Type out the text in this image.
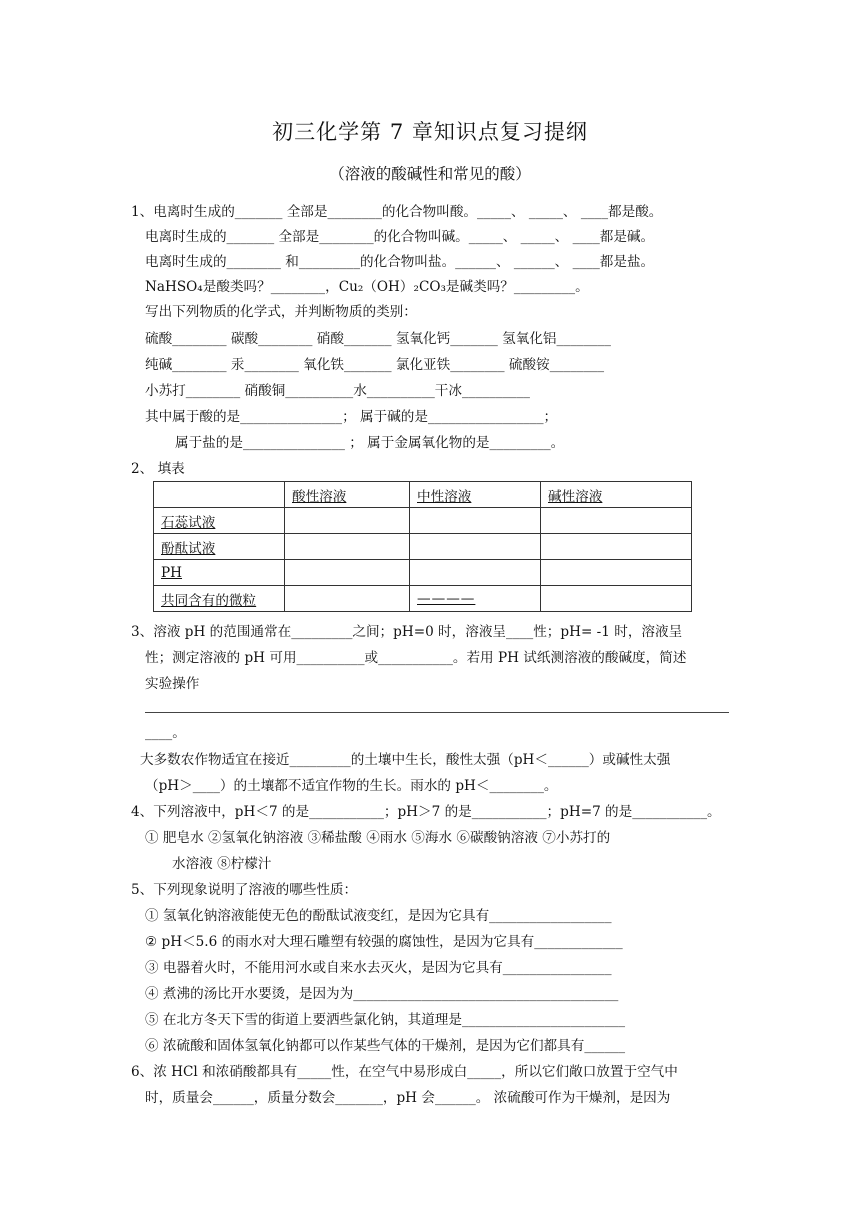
初三化学第 7 章知识点复习提纲
（溶液的酸碱性和常见的酸）
1、电离时生成的_______ 全部是________的化合物叫酸。_____、 _____、 ____都是酸。
电离时生成的_______ 全部是________的化合物叫碱。_____、 _____、 ____都是碱。
电离时生成的________ 和_________的化合物叫盐。______、 ______、 ____都是盐。
NaHSO₄是酸类吗？________，Cu₂（OH）₂CO₃是碱类吗？_________。
写出下列物质的化学式，并判断物质的类别：
硫酸________ 碳酸________ 硝酸_______ 氢氧化钙_______ 氢氧化铝________
纯碱________ 汞________ 氧化铁_______ 氯化亚铁________ 硫酸铵________
小苏打________ 硝酸铜__________水__________干冰__________
其中属于酸的是_______________； 属于碱的是_________________；
属于盐的是_______________ ； 属于金属氧化物的是_________。
2、 填表
	酸性溶液	中性溶液	碱性溶液
石蕊试液			
酚酞试液			
PH			
共同含有的微粒		————	
3、溶液 pH 的范围通常在_________之间；pH=0 时，溶液呈____性；pH= -1 时，溶液呈
性；测定溶液的 pH 可用__________或___________。若用 PH 试纸测溶液的酸碱度，简述
实验操作
____。
大多数农作物适宜在接近_________的土壤中生长，酸性太强（pH＜______）或碱性太强
（pH＞____）的土壤都不适宜作物的生长。雨水的 pH＜________。
4、下列溶液中，pH＜7 的是___________；pH＞7 的是___________；pH=7 的是___________。
① 肥皂水 ②氢氧化钠溶液 ③稀盐酸 ④雨水 ⑤海水 ⑥碳酸钠溶液 ⑦小苏打的
水溶液 ⑧柠檬汁
5、下列现象说明了溶液的哪些性质：
① 氢氧化钠溶液能使无色的酚酞试液变红，是因为它具有__________________
② pH＜5.6 的雨水对大理石雕塑有较强的腐蚀性，是因为它具有_____________
③ 电器着火时，不能用河水或自来水去灭火，是因为它具有________________
④ 煮沸的汤比开水要烫，是因为为_______________________________________
⑤ 在北方冬天下雪的街道上要洒些氯化钠，其道理是________________________
⑥ 浓硫酸和固体氢氧化钠都可以作某些气体的干燥剂，是因为它们都具有______
6、浓 HCl 和浓硝酸都具有_____性，在空气中易形成白_____，所以它们敞口放置于空气中
时，质量会______，质量分数会_______，pH 会______。 浓硫酸可作为干燥剂，是因为
